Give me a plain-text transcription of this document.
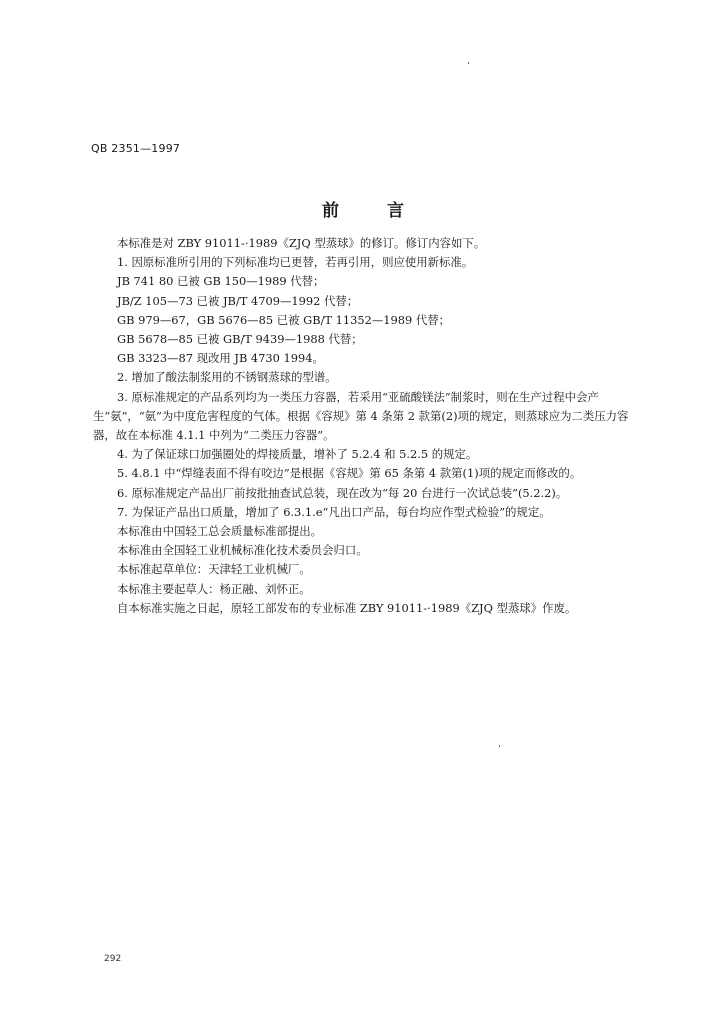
QB 2351—1997
前	言
本标准是对 ZBY 91011-·1989《ZJQ 型蒸球》的修订。修订内容如下。
1. 因原标准所引用的下列标准均已更替，若再引用，则应使用新标准。
JB 741 80 已被 GB 150—1989 代替；
JB/Z 105—73 已被 JB/T 4709—1992 代替；
GB 979—67，GB 5676—85 已被 GB/T 11352—1989 代替；
GB 5678—85 已被 GB/T 9439—1988 代替；
GB 3323—87 现改用 JB 4730 1994。
2. 增加了酸法制浆用的不锈钢蒸球的型谱。
3. 原标准规定的产品系列均为一类压力容器，若采用“亚硫酸镁法”制浆时，则在生产过程中会产
生“氨”，“氨”为中度危害程度的气体。根据《容规》第 4 条第 2 款第(2)项的规定，则蒸球应为二类压力容
器，故在本标准 4.1.1 中列为“二类压力容器”。
4. 为了保证球口加强圈处的焊接质量，增补了 5.2.4 和 5.2.5 的规定。
5. 4.8.1 中“焊缝表面不得有咬边”是根据《容规》第 65 条第 4 款第(1)项的规定而修改的。
6. 原标准规定产品出厂前按批抽查试总装，现在改为“每 20 台进行一次试总装”(5.2.2)。
7. 为保证产品出口质量，增加了 6.3.1.e“凡出口产品，每台均应作型式检验”的规定。
本标准由中国轻工总会质量标准部提出。
本标准由全国轻工业机械标准化技术委员会归口。
本标准起草单位：天津轻工业机械厂。
本标准主要起草人：杨正融、刘怀正。
自本标准实施之日起，原轻工部发布的专业标准 ZBY 91011-·1989《ZJQ 型蒸球》作废。
292
